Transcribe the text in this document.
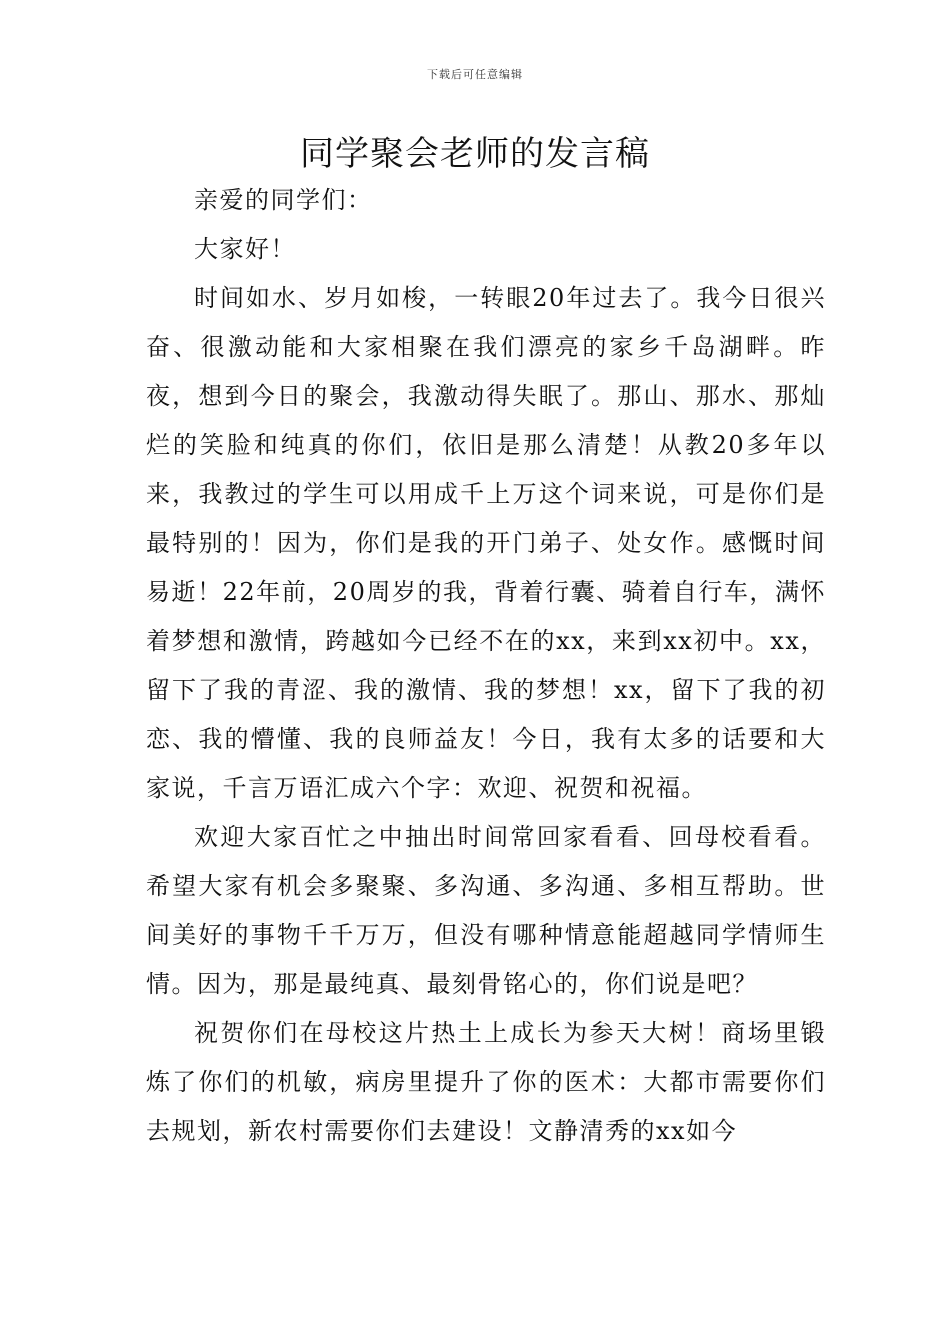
下载后可任意编辑
同学聚会老师的发言稿

亲爱的同学们：

大家好！

时间如水、岁月如梭，一转眼20年过去了。我今日很兴奋、很激动能和大家相聚在我们漂亮的家乡千岛湖畔。昨夜，想到今日的聚会，我激动得失眠了。那山、那水、那灿烂的笑脸和纯真的你们，依旧是那么清楚！从教20多年以来，我教过的学生可以用成千上万这个词来说，可是你们是最特别的！因为，你们是我的开门弟子、处女作。感慨时间易逝！22年前，20周岁的我，背着行囊、骑着自行车，满怀着梦想和激情，跨越如今已经不在的xx，来到xx初中。xx，留下了我的青涩、我的激情、我的梦想！xx，留下了我的初恋、我的懵懂、我的良师益友！今日，我有太多的话要和大家说，千言万语汇成六个字：欢迎、祝贺和祝福。

欢迎大家百忙之中抽出时间常回家看看、回母校看看。希望大家有机会多聚聚、多沟通、多沟通、多相互帮助。世间美好的事物千千万万，但没有哪种情意能超越同学情师生情。因为，那是最纯真、最刻骨铭心的，你们说是吧？

祝贺你们在母校这片热土上成长为参天大树！商场里锻炼了你们的机敏，病房里提升了你的医术：大都市需要你们去规划，新农村需要你们去建设！文静清秀的xx如今
